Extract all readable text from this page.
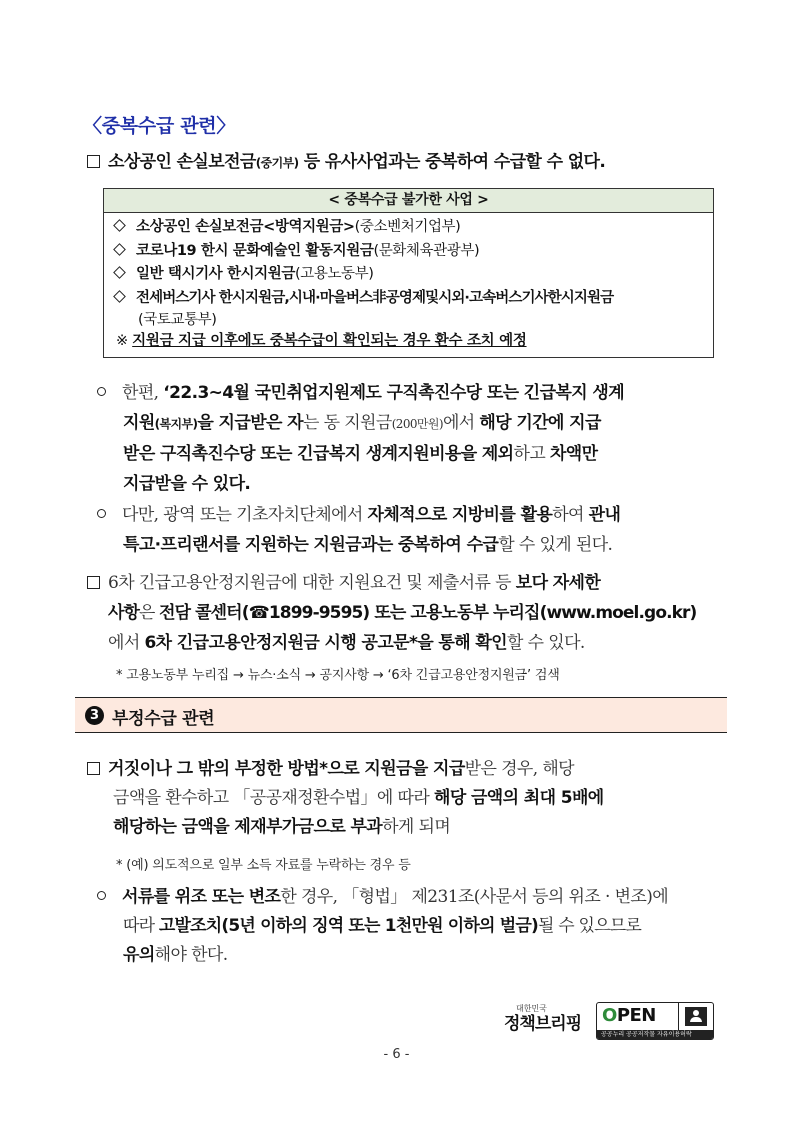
〈중복수급 관련〉
소상공인 손실보전금(중기부) 등 유사사업과는 중복하여 수급할 수 없다.
< 중복수급 불가한 사업 >
소상공인 손실보전금<방역지원금>(중소벤처기업부)
코로나19 한시 문화예술인 활동지원금(문화체육관광부)
일반 택시기사 한시지원금(고용노동부)
전세버스기사 한시지원금,시내·마을버스非공영제및시외·고속버스기사한시지원금
(국토교통부)
※ 지원금 지급 이후에도 중복수급이 확인되는 경우 환수 조치 예정
한편, ‘22.3~4월 국민취업지원제도 구직촉진수당 또는 긴급복지 생계
지원(복지부)을 지급받은 자는 동 지원금(200만원)에서 해당 기간에 지급
받은 구직촉진수당 또는 긴급복지 생계지원비용을 제외하고 차액만
지급받을 수 있다.
다만, 광역 또는 기초자치단체에서 자체적으로 지방비를 활용하여 관내
특고·프리랜서를 지원하는 지원금과는 중복하여 수급할 수 있게 된다.
6차 긴급고용안정지원금에 대한 지원요건 및 제출서류 등 보다 자세한
사항은 전담 콜센터(☎1899-9595) 또는 고용노동부 누리집(www.moel.go.kr)
에서 6차 긴급고용안정지원금 시행 공고문*을 통해 확인할 수 있다.
* 고용노동부 누리집 → 뉴스·소식 → 공지사항 → ‘6차 긴급고용안정지원금’ 검색
3 부정수급 관련
거짓이나 그 밖의 부정한 방법*으로 지원금을 지급받은 경우, 해당
금액을 환수하고 「공공재정환수법」에 따라 해당 금액의 최대 5배에
해당하는 금액을 제재부가금으로 부과하게 되며
* (예) 의도적으로 일부 소득 자료를 누락하는 경우 등
서류를 위조 또는 변조한 경우, 「형법」 제231조(사문서 등의 위조 · 변조)에
따라 고발조치(5년 이하의 징역 또는 1천만원 이하의 벌금)될 수 있으므로
유의해야 한다.
대한민국
정책브리핑 OPEN
공공누리 공공저작물 자유이용허락
- 6 -
